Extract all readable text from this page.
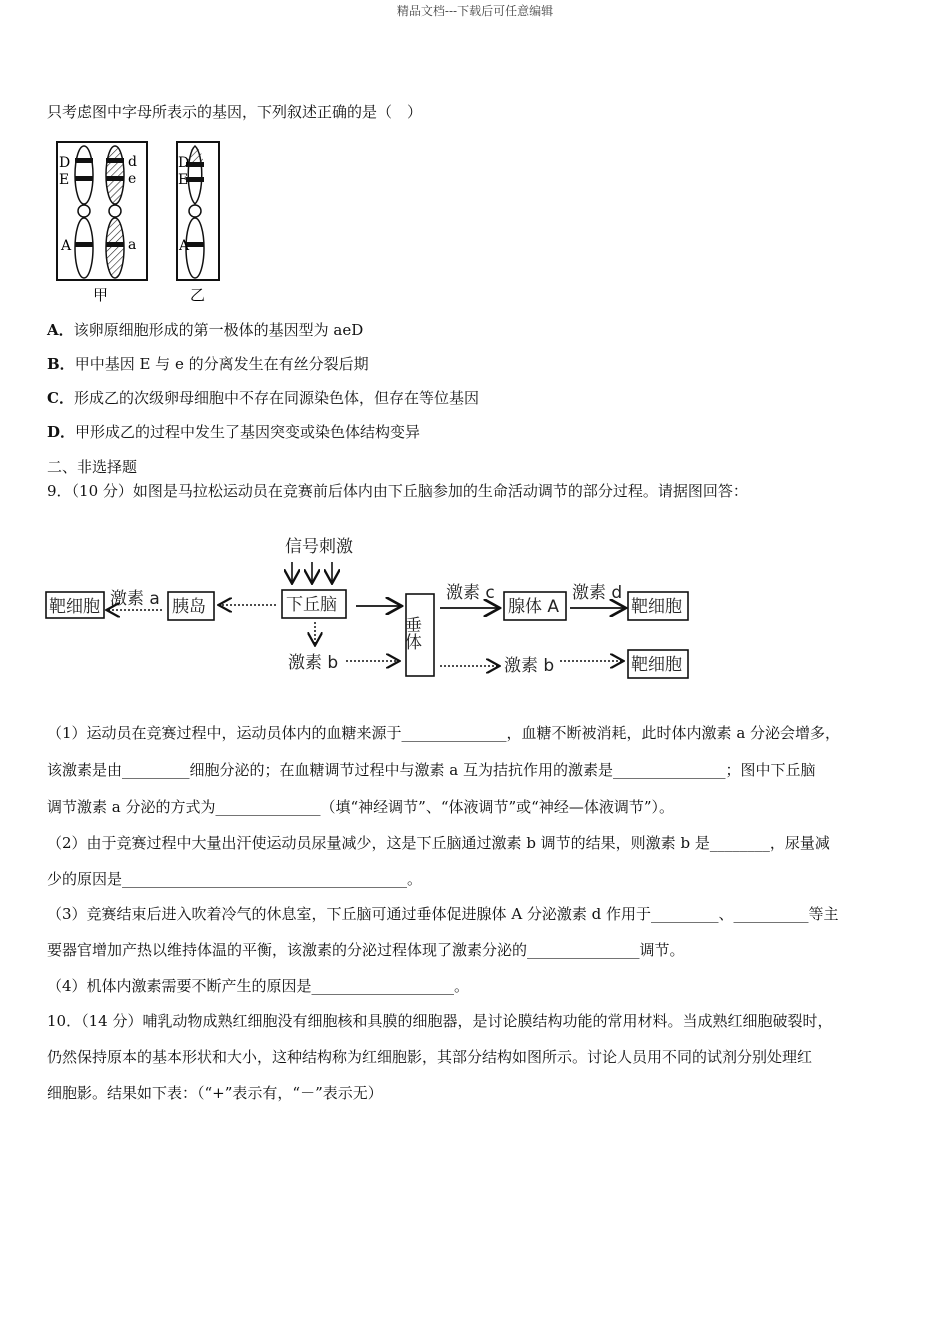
精品文档---下载后可任意编辑
只考虑图中字母所表示的基因，下列叙述正确的是（　）
D
E
A
d
e
a
甲
D
E
A
乙
A．该卵原细胞形成的第一极体的基因型为 aeD
B．甲中基因 E 与 e 的分离发生在有丝分裂后期
C．形成乙的次级卵母细胞中不存在同源染色体，但存在等位基因
D．甲形成乙的过程中发生了基因突变或染色体结构变异
二、非选择题
9．（10 分）如图是马拉松运动员在竞赛前后体内由下丘脑参加的生命活动调节的部分过程。请据图回答：
信号刺激
靶细胞 激素 a 胰岛	下丘脑
激素 b
垂体
激素 c
腺体 A
激素 d
靶细胞
激素 b	靶细胞
（1）运动员在竞赛过程中，运动员体内的血糖来源于______________，血糖不断被消耗，此时体内激素 a 分泌会增多，
该激素是由_________细胞分泌的；在血糖调节过程中与激素 a 互为拮抗作用的激素是_______________；图中下丘脑
调节激素 a 分泌的方式为______________（填“神经调节”、“体液调节”或“神经—体液调节”）。
（2）由于竞赛过程中大量出汗使运动员尿量减少，这是下丘脑通过激素 b 调节的结果，则激素 b 是________，尿量减
少的原因是______________________________________。
（3）竞赛结束后进入吹着冷气的休息室，下丘脑可通过垂体促进腺体 A 分泌激素 d 作用于_________、__________等主
要器官增加产热以维持体温的平衡，该激素的分泌过程体现了激素分泌的_______________调节。
（4）机体内激素需要不断产生的原因是___________________。
10．（14 分）哺乳动物成熟红细胞没有细胞核和具膜的细胞器，是讨论膜结构功能的常用材料。当成熟红细胞破裂时，
仍然保持原本的基本形状和大小，这种结构称为红细胞影，其部分结构如图所示。讨论人员用不同的试剂分别处理红
细胞影。结果如下表：（“+”表示有，“－”表示无）
